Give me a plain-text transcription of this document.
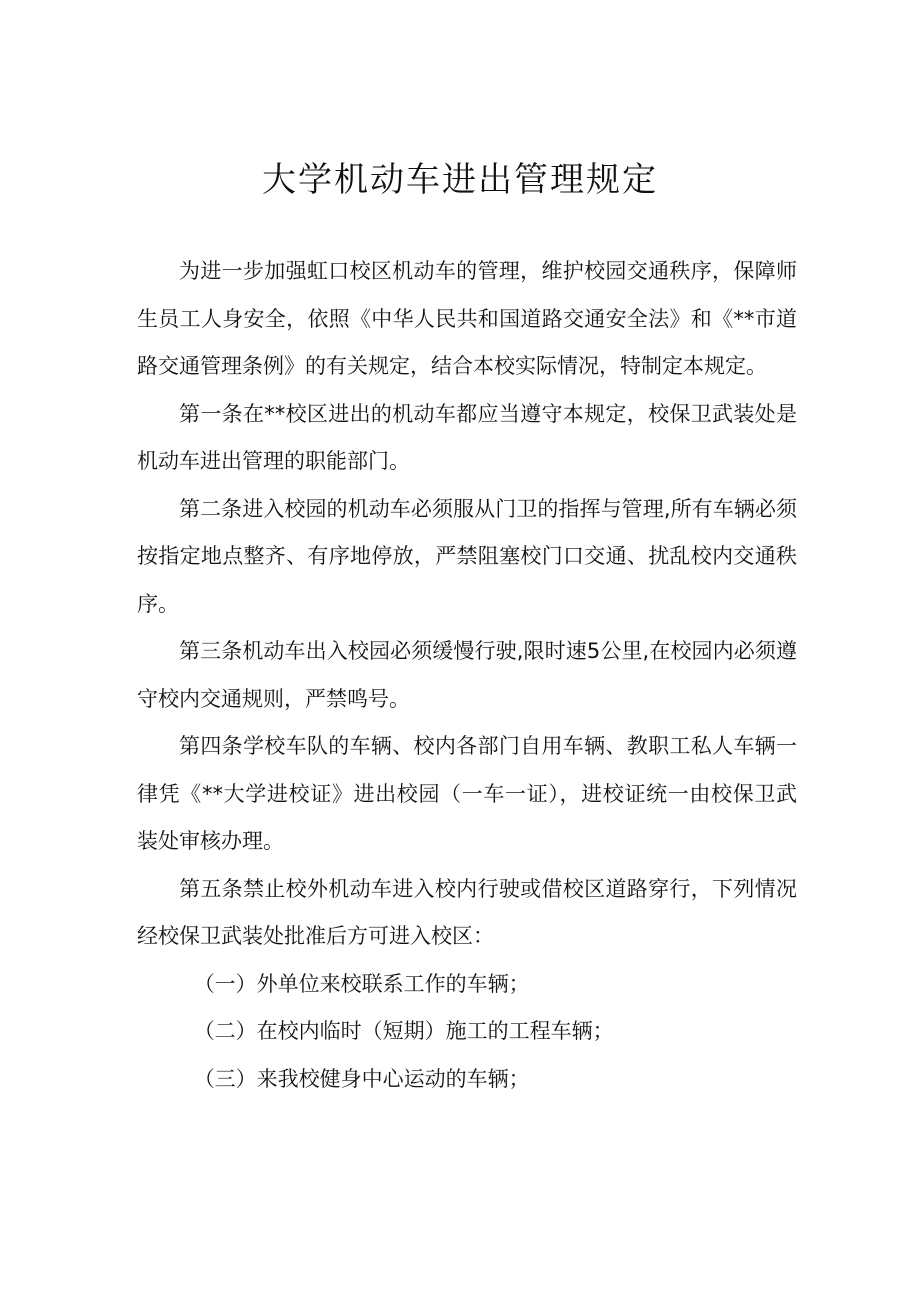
大学机动车进出管理规定

为进一步加强虹口校区机动车的管理，维护校园交通秩序，保障师生员工人身安全，依照《中华人民共和国道路交通安全法》和《**市道路交通管理条例》的有关规定，结合本校实际情况，特制定本规定。

第一条在**校区进出的机动车都应当遵守本规定，校保卫武装处是机动车进出管理的职能部门。

第二条进入校园的机动车必须服从门卫的指挥与管理,所有车辆必须按指定地点整齐、有序地停放，严禁阻塞校门口交通、扰乱校内交通秩序。

第三条机动车出入校园必须缓慢行驶,限时速5公里,在校园内必须遵守校内交通规则，严禁鸣号。

第四条学校车队的车辆、校内各部门自用车辆、教职工私人车辆一律凭《**大学进校证》进出校园（一车一证），进校证统一由校保卫武装处审核办理。

第五条禁止校外机动车进入校内行驶或借校区道路穿行，下列情况经校保卫武装处批准后方可进入校区：

（一）外单位来校联系工作的车辆；

（二）在校内临时（短期）施工的工程车辆；

（三）来我校健身中心运动的车辆；
